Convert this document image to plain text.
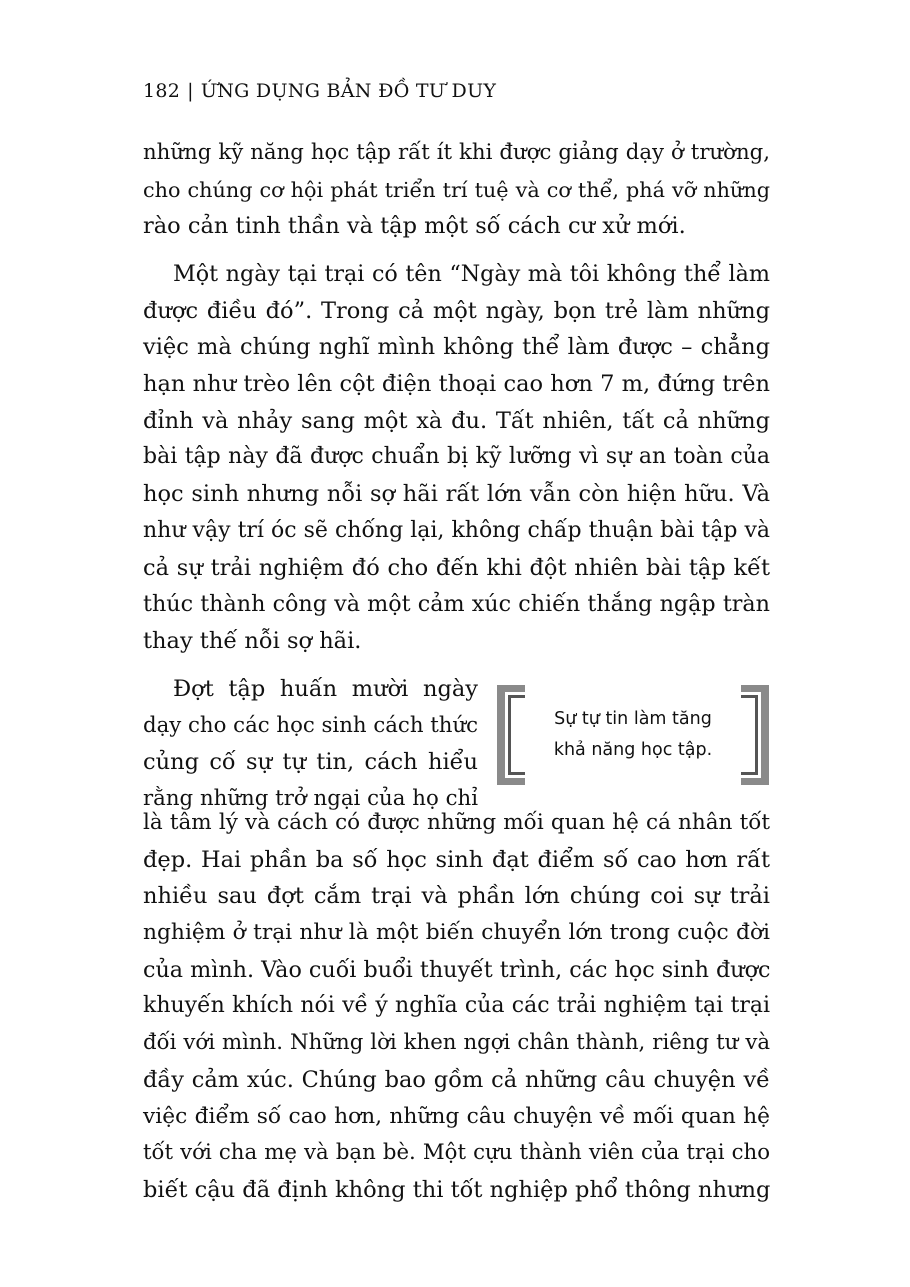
182 | ỨNG DỤNG BẢN ĐỒ TƯ DUY
những kỹ năng học tập rất ít khi được giảng dạy ở trường,
cho chúng cơ hội phát triển trí tuệ và cơ thể, phá vỡ những
rào cản tinh thần và tập một số cách cư xử mới.
Một ngày tại trại có tên “Ngày mà tôi không thể làm
được điều đó”. Trong cả một ngày, bọn trẻ làm những
việc mà chúng nghĩ mình không thể làm được – chẳng
hạn như trèo lên cột điện thoại cao hơn 7 m, đứng trên
đỉnh và nhảy sang một xà đu. Tất nhiên, tất cả những
bài tập này đã được chuẩn bị kỹ lưỡng vì sự an toàn của
học sinh nhưng nỗi sợ hãi rất lớn vẫn còn hiện hữu. Và
như vậy trí óc sẽ chống lại, không chấp thuận bài tập và
cả sự trải nghiệm đó cho đến khi đột nhiên bài tập kết
thúc thành công và một cảm xúc chiến thắng ngập tràn
thay thế nỗi sợ hãi.
Đợt tập huấn mười ngày
dạy cho các học sinh cách thức
củng cố sự tự tin, cách hiểu
rằng những trở ngại của họ chỉ
Sự tự tin làm tăng
khả năng học tập.
là tâm lý và cách có được những mối quan hệ cá nhân tốt
đẹp. Hai phần ba số học sinh đạt điểm số cao hơn rất
nhiều sau đợt cắm trại và phần lớn chúng coi sự trải
nghiệm ở trại như là một biến chuyển lớn trong cuộc đời
của mình. Vào cuối buổi thuyết trình, các học sinh được
khuyến khích nói về ý nghĩa của các trải nghiệm tại trại
đối với mình. Những lời khen ngợi chân thành, riêng tư và
đầy cảm xúc. Chúng bao gồm cả những câu chuyện về
việc điểm số cao hơn, những câu chuyện về mối quan hệ
tốt với cha mẹ và bạn bè. Một cựu thành viên của trại cho
biết cậu đã định không thi tốt nghiệp phổ thông nhưng
